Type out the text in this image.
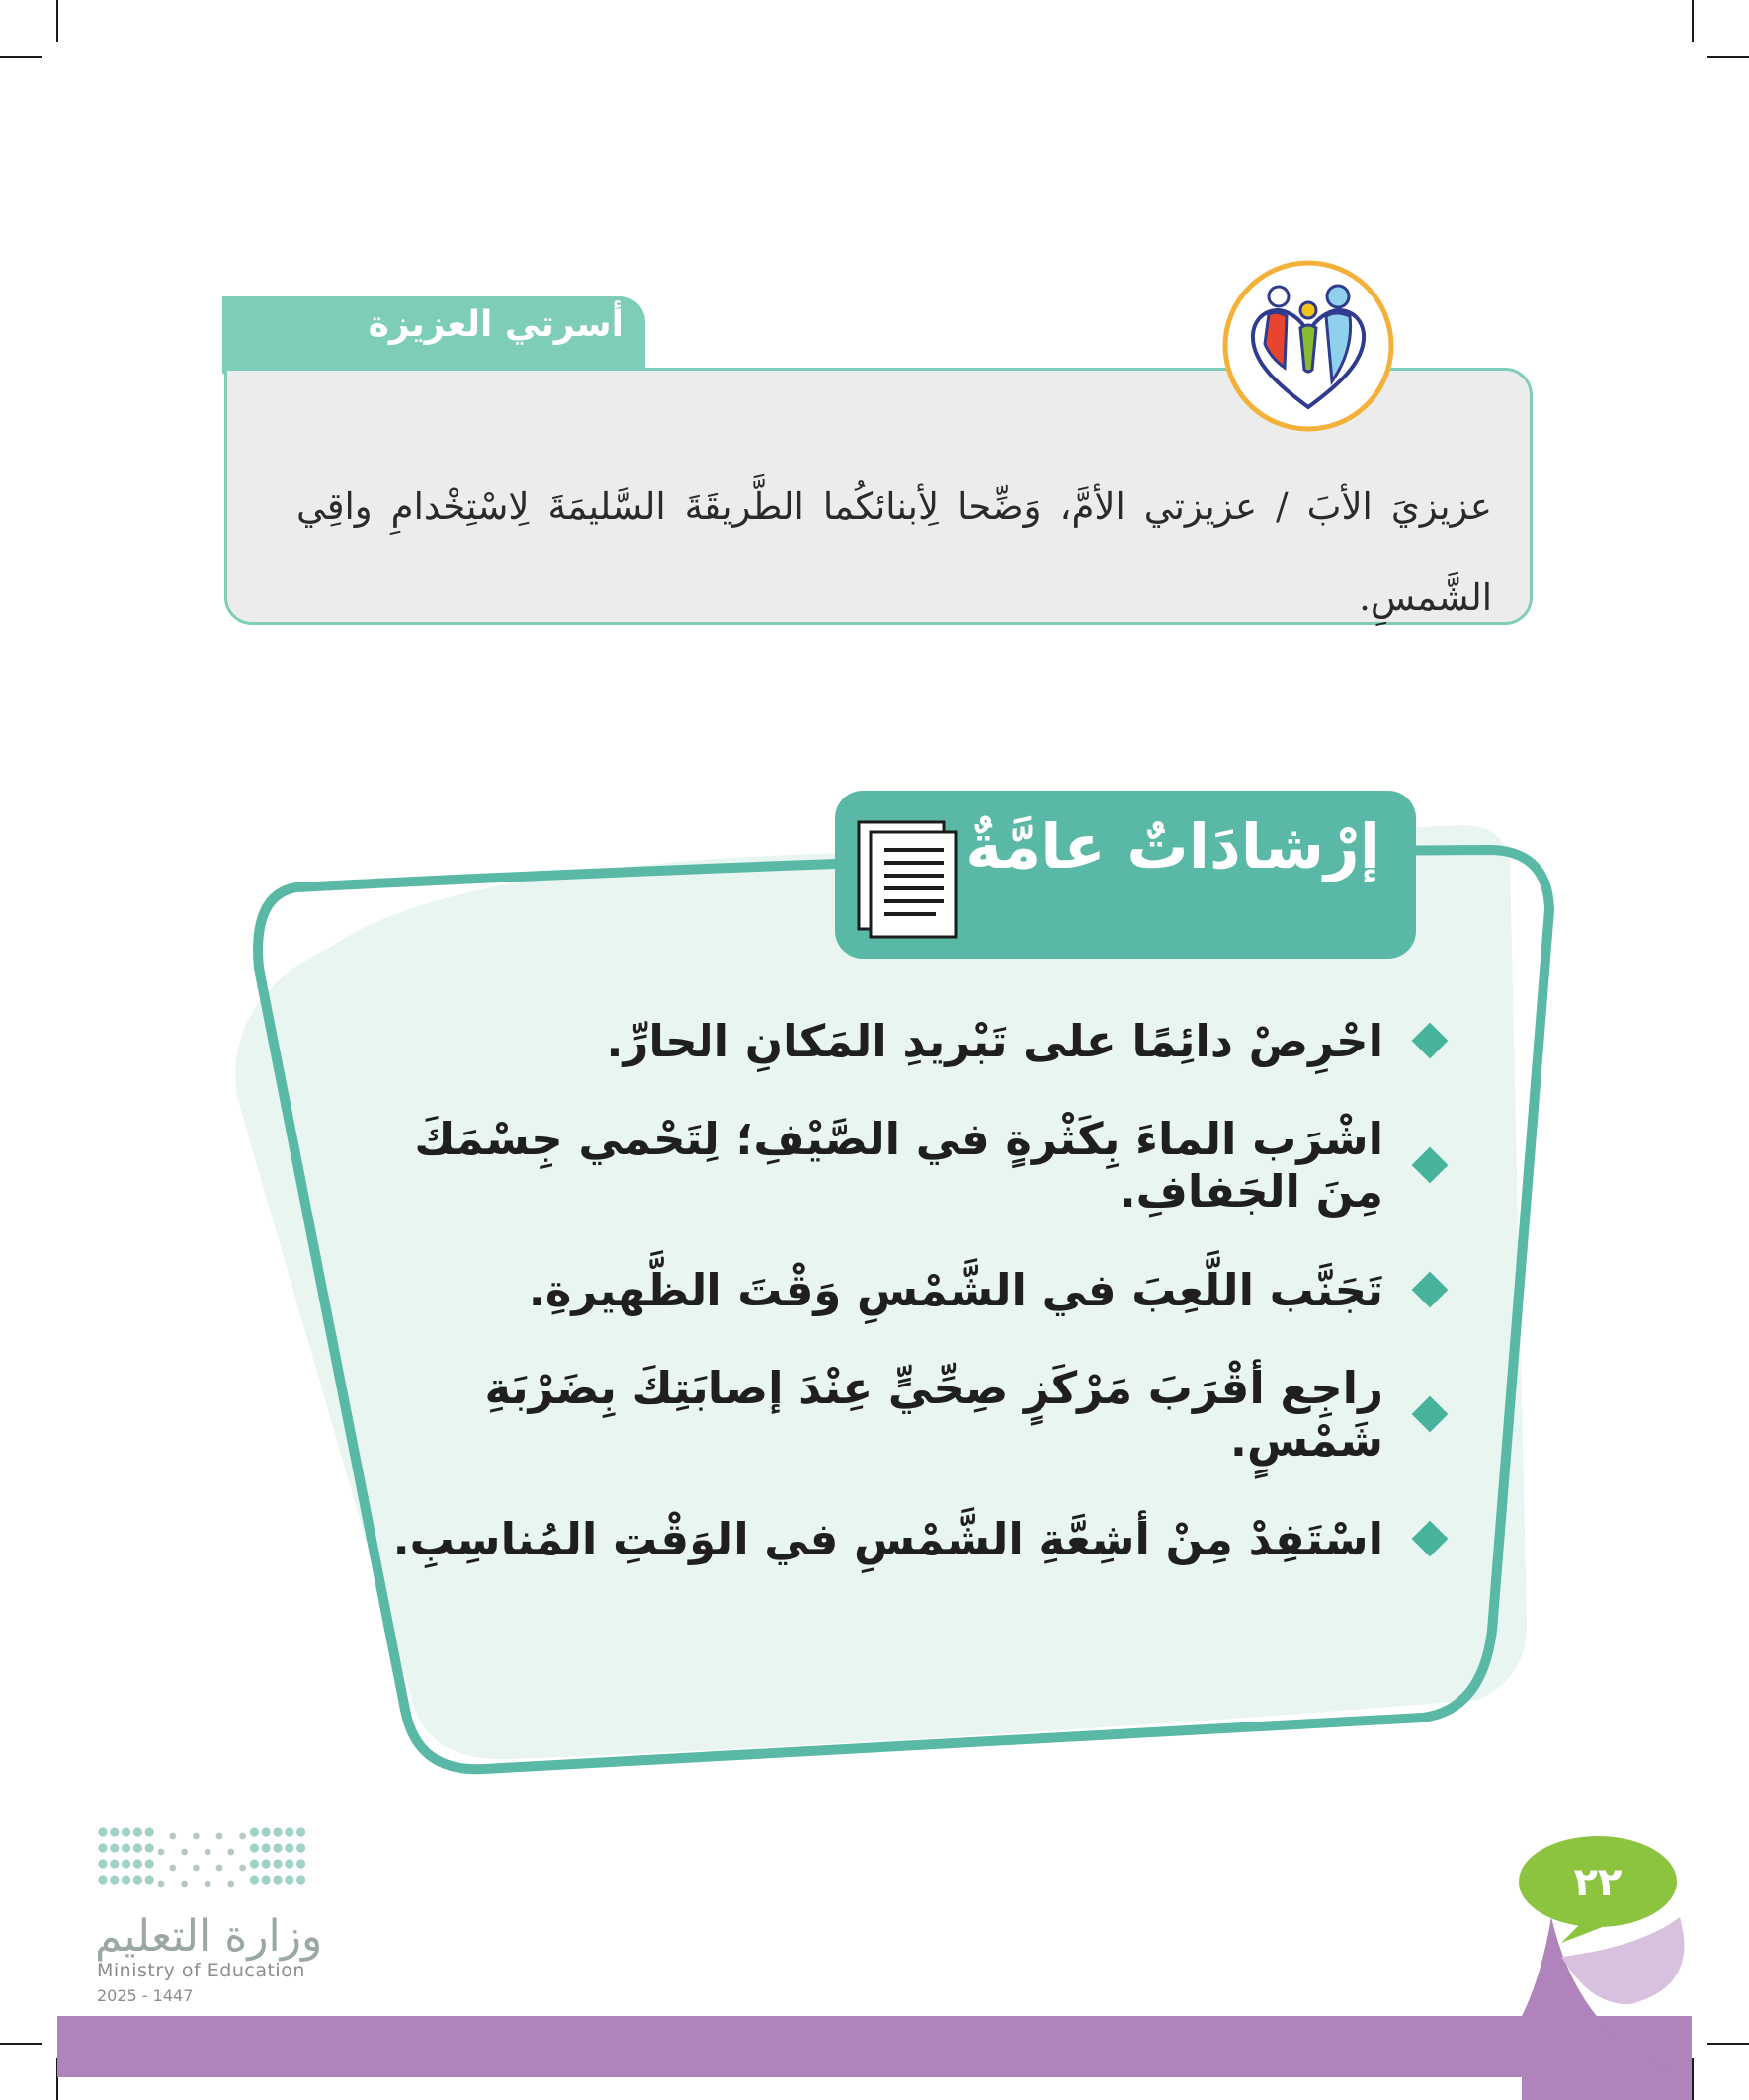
أسرتي العزيزة
عزيزيَ الأبَ / عزيزتي الأمَّ، وَضِّحا لِأبنائكُما الطَّريقَةَ السَّليمَةَ لِاسْتِخْدامِ واقِي الشَّمسِ.
إرْشادَاتٌ عامَّةٌ
احْرِصْ دائِمًا على تَبْريدِ المَكانِ الحارِّ.
اشْرَب الماءَ بِكَثْرةٍ في الصَّيْفِ؛ لِتَحْمي جِسْمَكَ مِنَ الجَفافِ.
تَجَنَّب اللَّعِبَ في الشَّمْسِ وَقْتَ الظَّهيرةِ.
راجِع أقْرَبَ مَرْكَزٍ صِحِّيٍّ عِنْدَ إصابَتِكَ بِضَرْبَةِ شَمْسٍ.
اسْتَفِدْ مِنْ أشِعَّةِ الشَّمْسِ في الوَقْتِ المُناسِبِ.
٢٢
وزارة التعليم
Ministry of Education
2025 - 1447
